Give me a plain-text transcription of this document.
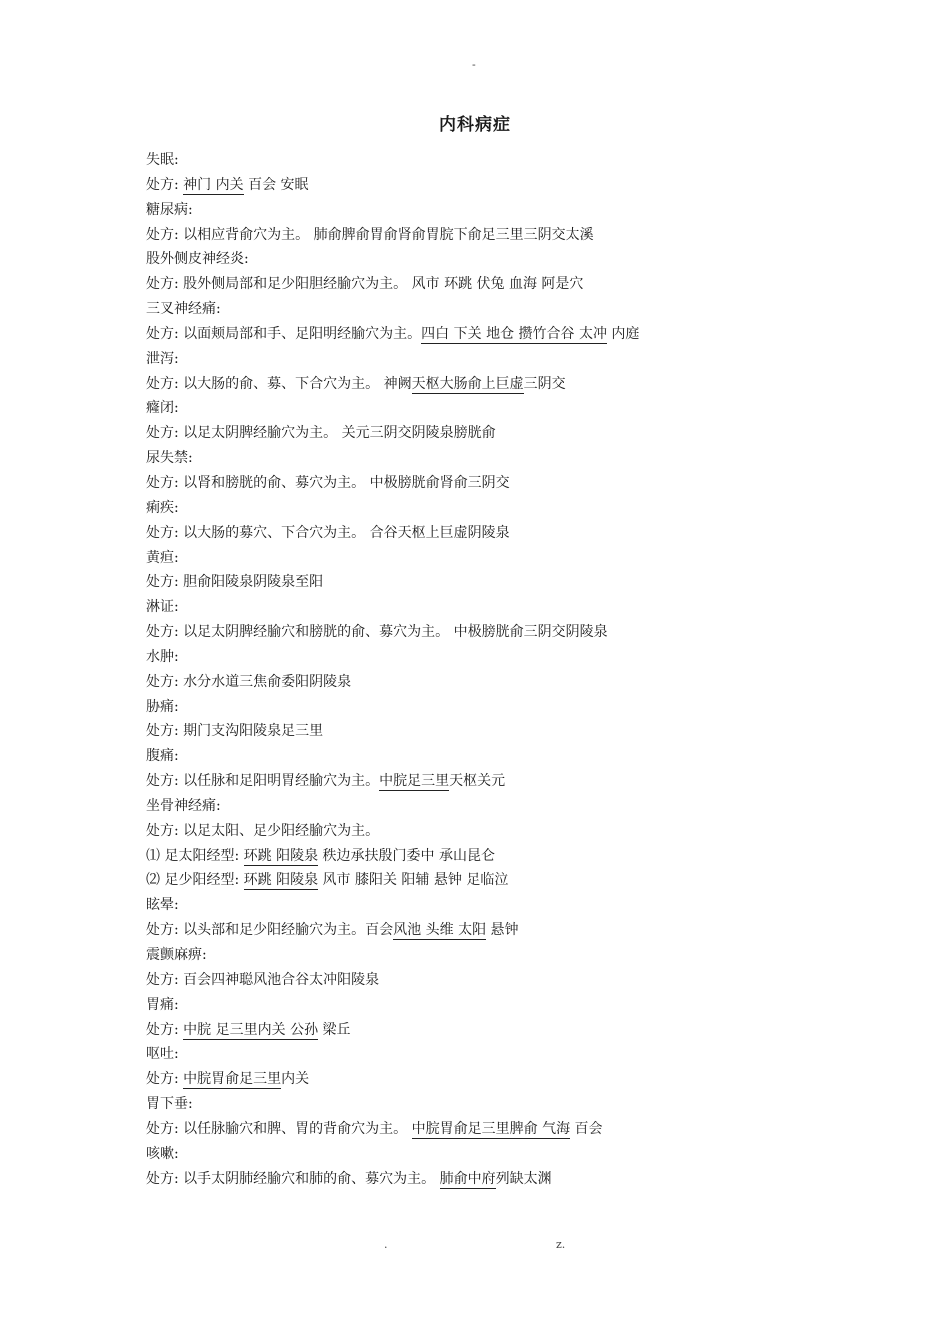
-
内科病症
失眠:
处方: 神门 内关 百会 安眠
糖尿病:
处方: 以相应背俞穴为主。 肺俞脾俞胃俞肾俞胃脘下俞足三里三阴交太溪
股外侧皮神经炎:
处方: 股外侧局部和足少阳胆经腧穴为主。 风市 环跳 伏兔 血海 阿是穴
三叉神经痛:
处方: 以面颊局部和手、足阳明经腧穴为主。四白 下关 地仓 攒竹合谷 太冲 内庭
泄泻:
处方: 以大肠的俞、募、下合穴为主。 神阙天枢大肠俞上巨虚三阴交
癃闭:
处方: 以足太阴脾经腧穴为主。 关元三阴交阴陵泉膀胱俞
尿失禁:
处方: 以肾和膀胱的俞、募穴为主。 中极膀胱俞肾俞三阴交
痢疾:
处方: 以大肠的募穴、下合穴为主。 合谷天枢上巨虚阴陵泉
黄疸:
处方: 胆俞阳陵泉阴陵泉至阳
淋证:
处方: 以足太阴脾经腧穴和膀胱的俞、募穴为主。 中极膀胱俞三阴交阴陵泉
水肿:
处方: 水分水道三焦俞委阳阴陵泉
胁痛:
处方: 期门支沟阳陵泉足三里
腹痛:
处方: 以任脉和足阳明胃经腧穴为主。中脘足三里天枢关元
坐骨神经痛:
处方: 以足太阳、足少阳经腧穴为主。
⑴ 足太阳经型: 环跳 阳陵泉 秩边承扶殷门委中 承山昆仑
⑵ 足少阳经型: 环跳 阳陵泉 风市 膝阳关 阳辅 悬钟 足临泣
眩晕:
处方: 以头部和足少阳经腧穴为主。百会风池 头维 太阳 悬钟
震颤麻痹:
处方: 百会四神聪风池合谷太冲阳陵泉
胃痛:
处方: 中脘 足三里内关 公孙 梁丘
呕吐:
处方: 中脘胃俞足三里内关
胃下垂:
处方: 以任脉腧穴和脾、胃的背俞穴为主。 中脘胃俞足三里脾俞 气海 百会
咳嗽:
处方: 以手太阴肺经腧穴和肺的俞、募穴为主。 肺俞中府列缺太渊
.	z.
